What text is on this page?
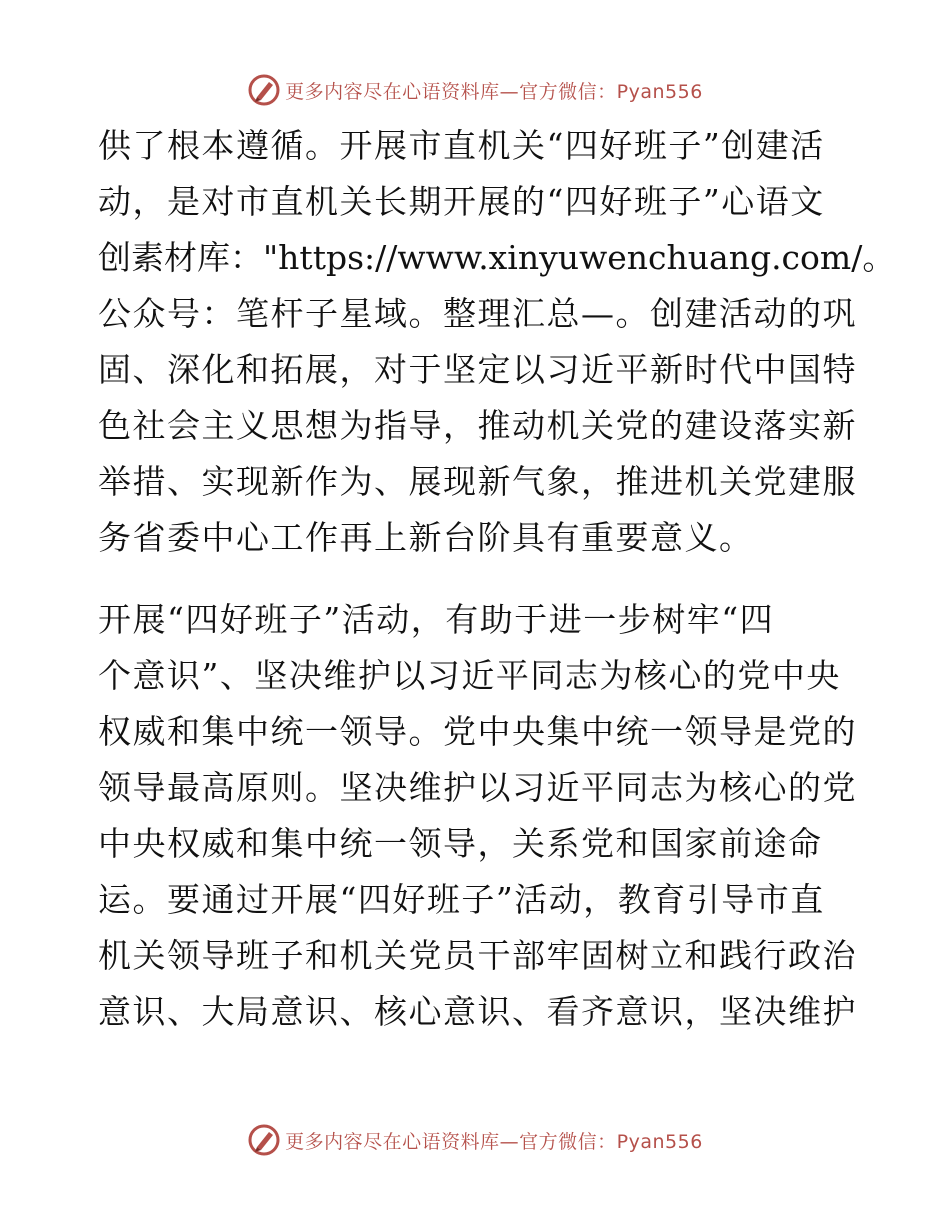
更多内容尽在心语资料库—官方微信：Pyan556
供了根本遵循。开展市直机关“四好班子”创建活
动，是对市直机关长期开展的“四好班子”心语文
创素材库："https://www.xinyuwenchuang.com/。
公众号：笔杆子星域。整理汇总—。创建活动的巩
固、深化和拓展，对于坚定以习近平新时代中国特
色社会主义思想为指导，推动机关党的建设落实新
举措、实现新作为、展现新气象，推进机关党建服
务省委中心工作再上新台阶具有重要意义。
开展“四好班子”活动，有助于进一步树牢“四
个意识”、坚决维护以习近平同志为核心的党中央
权威和集中统一领导。党中央集中统一领导是党的
领导最高原则。坚决维护以习近平同志为核心的党
中央权威和集中统一领导，关系党和国家前途命
运。要通过开展“四好班子”活动，教育引导市直
机关领导班子和机关党员干部牢固树立和践行政治
意识、大局意识、核心意识、看齐意识，坚决维护
更多内容尽在心语资料库—官方微信：Pyan556
